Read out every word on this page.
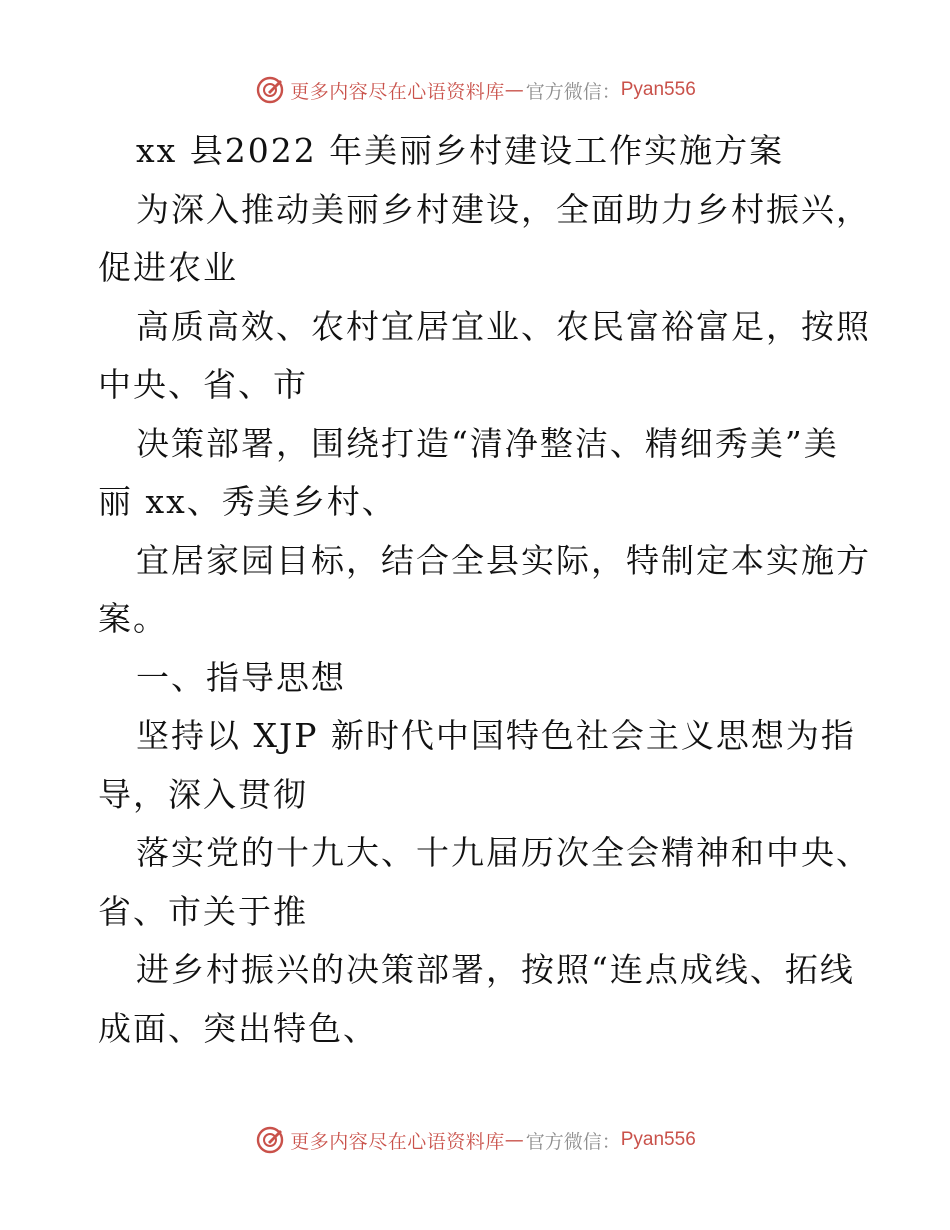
更多内容尽在心语资料库 — 官方微信： Pyan556
xx 县2022 年美丽乡村建设工作实施方案
为深入推动美丽乡村建设，全面助力乡村振兴，
促进农业
高质高效、农村宜居宜业、农民富裕富足，按照
中央、省、市
决策部署，围绕打造“清净整洁、精细秀美”美
丽 xx、秀美乡村、
宜居家园目标，结合全县实际，特制定本实施方
案。
一、指导思想
坚持以 XJP 新时代中国特色社会主义思想为指
导，深入贯彻
落实党的十九大、十九届历次全会精神和中央、
省、市关于推
进乡村振兴的决策部署，按照“连点成线、拓线
成面、突出特色、
更多内容尽在心语资料库 — 官方微信： Pyan556
